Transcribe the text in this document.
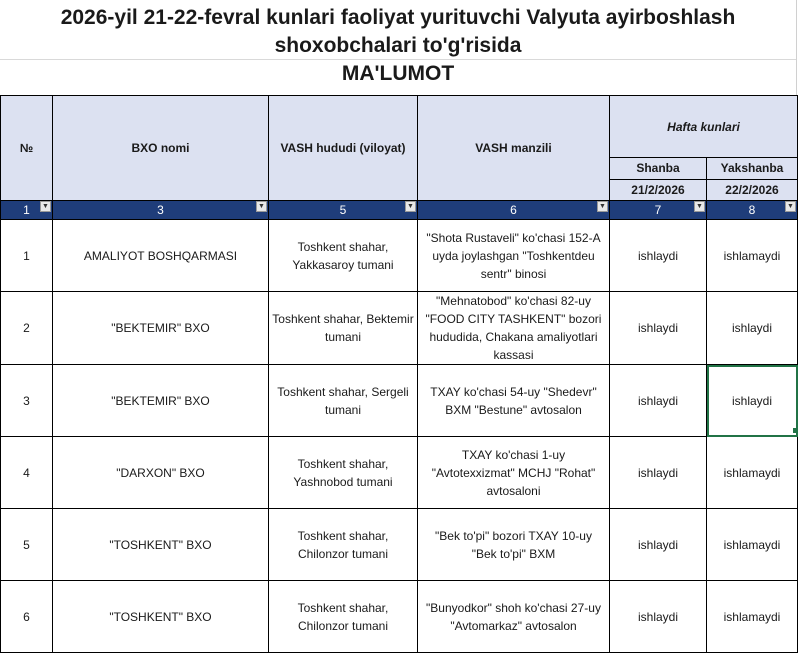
2026-yil 21-22-fevral kunlari faoliyat yurituvchi Valyuta ayirboshlash
shoxobchalari to'g'risida
MA'LUMOT
№	BXO nomi	VASH hududi (viloyat)	VASH manzili	Hafta kunlari	
				Shanba	Yakshanba
				21/2/2026	22/2/2026
1 ▼	3 ▼	5 ▼	6 ▼	7 ▼	8 ▼

1	AMALIYOT BOSHQARMASI	Toshkent shahar, Yakkasaroy tumani	"Shota Rustaveli" ko'chasi 152-A uyda joylashgan "Toshkentdeu sentr" binosi	ishlaydi	ishlamaydi
2	"BEKTEMIR" BXO	Toshkent shahar, Bektemir tumani	"Mehnatobod" ko'chasi 82-uy "FOOD CITY TASHKENT" bozori hududida, Chakana amaliyotlari kassasi	ishlaydi	ishlaydi
3	"BEKTEMIR" BXO	Toshkent shahar, Sergeli tumani	TXAY ko'chasi 54-uy "Shedevr" BXM "Bestune" avtosalon	ishlaydi	ishlaydi
4	"DARXON" BXO	Toshkent shahar, Yashnobod tumani	TXAY ko'chasi 1-uy "Avtotexxizmat" MCHJ "Rohat" avtosaloni	ishlaydi	ishlamaydi
5	"TOSHKENT" BXO	Toshkent shahar, Chilonzor tumani	"Bek to'pi" bozori TXAY 10-uy "Bek to'pi" BXM	ishlaydi	ishlamaydi
6	"TOSHKENT" BXO	Toshkent shahar, Chilonzor tumani	"Bunyodkor" shoh ko'chasi 27-uy "Avtomarkaz" avtosalon	ishlaydi	ishlamaydi
